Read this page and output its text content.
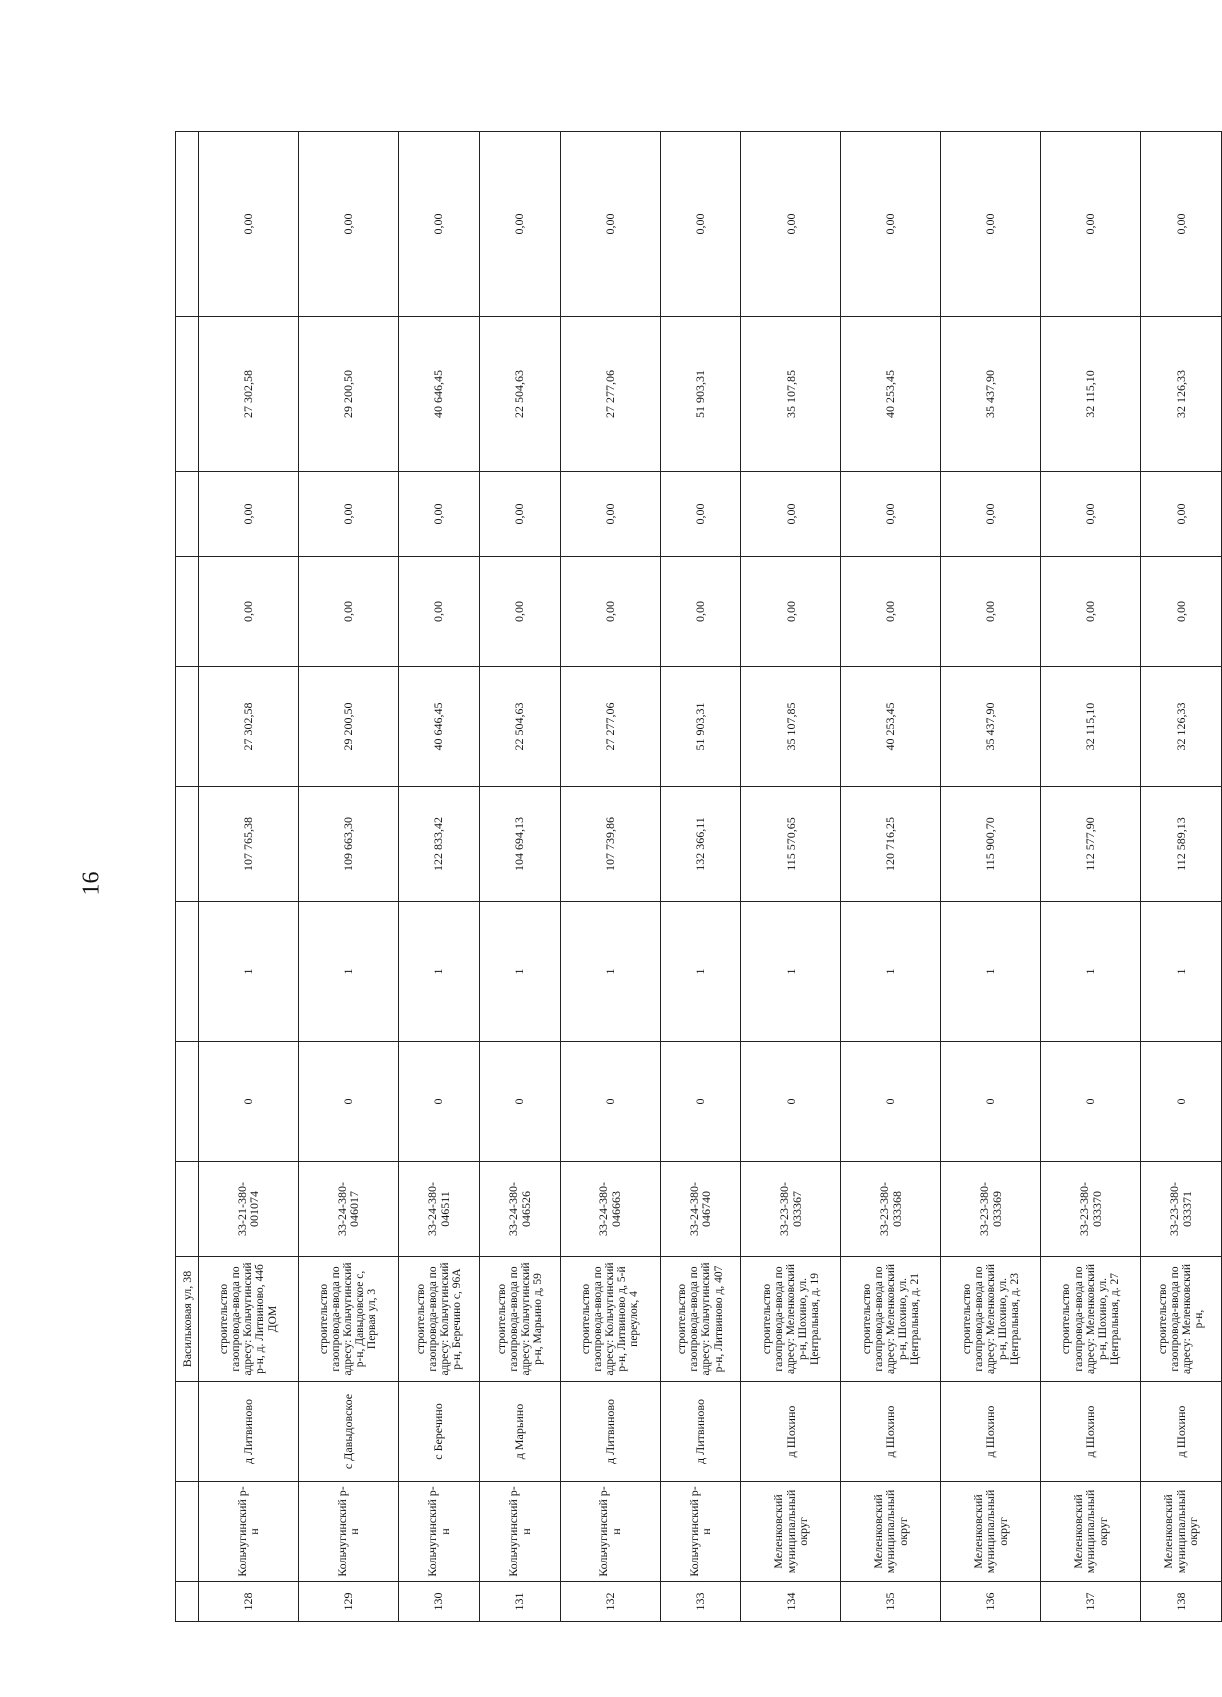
16
			Васильковая ул, 38									
128	Кольчугинский р-н	д Литвиново	строительство газопровода-ввода по адресу: Кольчугинский р-н, д. Литвиново, 44б ДОМ	33-21-380-001074	0	1	107 765,38	27 302,58	0,00	0,00	27 302,58	0,00
129	Кольчугинский р-н	с Давыдовское	строительство газопровода-ввода по адресу: Кольчугинский р-н, Давыдовское с, Первая ул, 3	33-24-380-046017	0	1	109 663,30	29 200,50	0,00	0,00	29 200,50	0,00
130	Кольчугинский р-н	с Беречино	строительство газопровода-ввода по адресу: Кольчугинский р-н, Беречино с, 96А	33-24-380-046511	0	1	122 833,42	40 646,45	0,00	0,00	40 646,45	0,00
131	Кольчугинский р-н	д Марьино	строительство газопровода-ввода по адресу: Кольчугинский р-н, Марьино д, 59	33-24-380-046526	0	1	104 694,13	22 504,63	0,00	0,00	22 504,63	0,00
132	Кольчугинский р-н	д Литвиново	строительство газопровода-ввода по адресу: Кольчугинский р-н, Литвиново д, 5-й переулок, 4	33-24-380-046663	0	1	107 739,86	27 277,06	0,00	0,00	27 277,06	0,00
133	Кольчугинский р-н	д Литвиново	строительство газопровода-ввода по адресу: Кольчугинский р-н, Литвиново д, 407	33-24-380-046740	0	1	132 366,11	51 903,31	0,00	0,00	51 903,31	0,00
134	Меленковский муниципальный округ	д Шохино	строительство газопровода-ввода по адресу: Меленковский р-н, Шохино, ул. Центральная, д. 19	33-23-380-033367	0	1	115 570,65	35 107,85	0,00	0,00	35 107,85	0,00
135	Меленковский муниципальный округ	д Шохино	строительство газопровода-ввода по адресу: Меленковский р-н, Шохино, ул. Центральная, д. 21	33-23-380-033368	0	1	120 716,25	40 253,45	0,00	0,00	40 253,45	0,00
136	Меленковский муниципальный округ	д Шохино	строительство газопровода-ввода по адресу: Меленковский р-н, Шохино, ул. Центральная, д. 23	33-23-380-033369	0	1	115 900,70	35 437,90	0,00	0,00	35 437,90	0,00
137	Меленковский муниципальный округ	д Шохино	строительство газопровода-ввода по адресу: Меленковский р-н, Шохино, ул. Центральная, д. 27	33-23-380-033370	0	1	112 577,90	32 115,10	0,00	0,00	32 115,10	0,00
138	Меленковский муниципальный округ	д Шохино	строительство газопровода-ввода по адресу: Меленковский р-н,	33-23-380-033371	0	1	112 589,13	32 126,33	0,00	0,00	32 126,33	0,00
